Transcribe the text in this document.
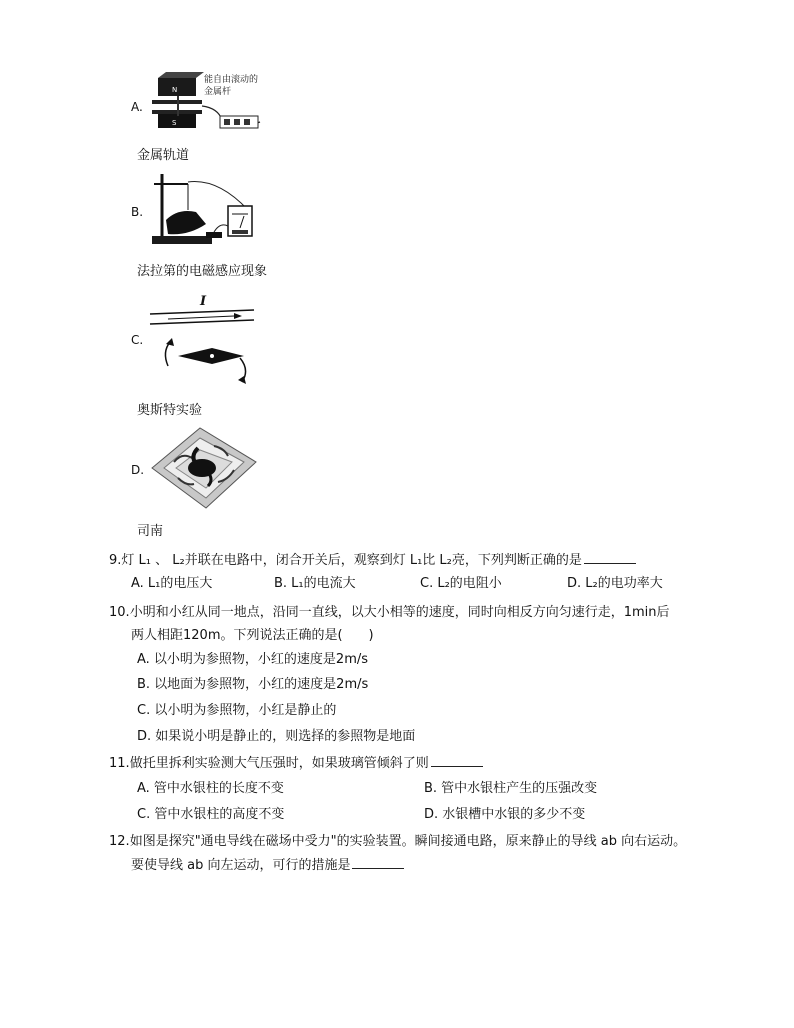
A.
N
S
能自由滚动的金属杆
金属轨道
B.
法拉第的电磁感应现象
C.
I
奥斯特实验
D.
司南
9.灯 L₁ 、 L₂并联在电路中，闭合开关后，观察到灯 L₁比 L₂亮，下列判断正确的是
A. L₁的电压大	B. L₁的电流大	C. L₂的电阻小	D. L₂的电功率大
10.小明和小红从同一地点，沿同一直线，以大小相等的速度，同时向相反方向匀速行走，1min后
两人相距120m。下列说法正确的是(　　)
A. 以小明为参照物，小红的速度是2m/s
B. 以地面为参照物，小红的速度是2m/s
C. 以小明为参照物，小红是静止的
D. 如果说小明是静止的，则选择的参照物是地面
11.做托里拆利实验测大气压强时，如果玻璃管倾斜了则
A. 管中水银柱的长度不变	B. 管中水银柱产生的压强改变
C. 管中水银柱的高度不变	D. 水银槽中水银的多少不变
12.如图是探究"通电导线在磁场中受力"的实验装置。瞬间接通电路，原来静止的导线 ab 向右运动。
要使导线 ab 向左运动，可行的措施是
